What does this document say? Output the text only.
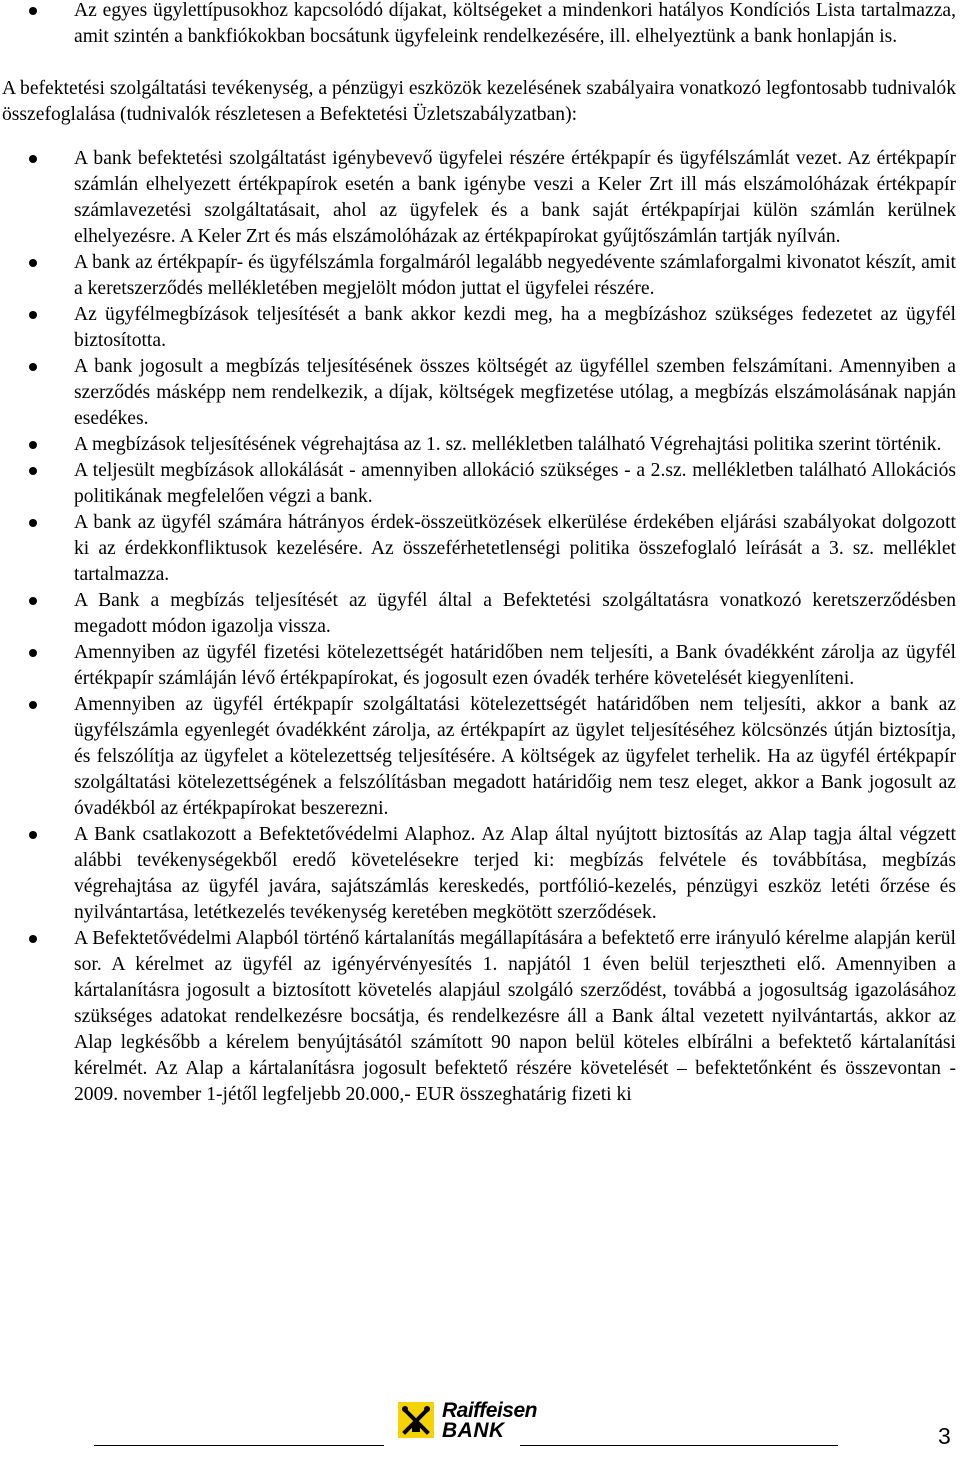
Az egyes ügylettípusokhoz kapcsolódó díjakat, költségeket a mindenkori hatályos Kondíciós Lista tartalmazza, amit szintén a bankfiókokban bocsátunk ügyfeleink rendelkezésére, ill. elhelyeztünk a bank honlapján is.

A befektetési szolgáltatási tevékenység, a pénzügyi eszközök kezelésének szabályaira vonatkozó legfontosabb tudnivalók összefoglalása (tudnivalók részletesen a Befektetési Üzletszabályzatban):

A bank befektetési szolgáltatást igénybevevő ügyfelei részére értékpapír és ügyfélszámlát vezet. Az értékpapír számlán elhelyezett értékpapírok esetén a bank igénybe veszi a Keler Zrt ill más elszámolóházak értékpapír számlavezetési szolgáltatásait, ahol az ügyfelek és a bank saját értékpapírjai külön számlán kerülnek elhelyezésre. A Keler Zrt és más elszámolóházak az értékpapírokat gyűjtőszámlán tartják nyílván.
A bank az értékpapír- és ügyfélszámla forgalmáról legalább negyedévente számlaforgalmi kivonatot készít, amit a keretszerződés mellékletében megjelölt módon juttat el ügyfelei részére.
Az ügyfélmegbízások teljesítését a bank akkor kezdi meg, ha a megbízáshoz szükséges fedezetet az ügyfél biztosította.
A bank jogosult a megbízás teljesítésének összes költségét az ügyféllel szemben felszámítani. Amennyiben a szerződés másképp nem rendelkezik, a díjak, költségek megfizetése utólag, a megbízás elszámolásának napján esedékes.
A megbízások teljesítésének végrehajtása az 1. sz. mellékletben található Végrehajtási politika szerint történik.
A teljesült megbízások allokálását - amennyiben allokáció szükséges - a 2.sz. mellékletben található Allokációs politikának megfelelően végzi a bank.
A bank az ügyfél számára hátrányos érdek-összeütközések elkerülése érdekében eljárási szabályokat dolgozott ki az érdekkonfliktusok kezelésére. Az összeférhetetlenségi politika összefoglaló leírását a 3. sz. melléklet tartalmazza.
A Bank a megbízás teljesítését az ügyfél által a Befektetési szolgáltatásra vonatkozó keretszerződésben megadott módon igazolja vissza.
Amennyiben az ügyfél fizetési kötelezettségét határidőben nem teljesíti, a Bank óvadékként zárolja az ügyfél értékpapír számláján lévő értékpapírokat, és jogosult ezen óvadék terhére követelését kiegyenlíteni.
Amennyiben az ügyfél értékpapír szolgáltatási kötelezettségét határidőben nem teljesíti, akkor a bank az ügyfélszámla egyenlegét óvadékként zárolja, az értékpapírt az ügylet teljesítéséhez kölcsönzés útján biztosítja, és felszólítja az ügyfelet a kötelezettség teljesítésére. A költségek az ügyfelet terhelik. Ha az ügyfél értékpapír szolgáltatási kötelezettségének a felszólításban megadott határidőig nem tesz eleget, akkor a Bank jogosult az óvadékból az értékpapírokat beszerezni.
A Bank csatlakozott a Befektetővédelmi Alaphoz. Az Alap által nyújtott biztosítás az Alap tagja által végzett alábbi tevékenységekből eredő követelésekre terjed ki: megbízás felvétele és továbbítása, megbízás végrehajtása az ügyfél javára, sajátszámlás kereskedés, portfólió-kezelés, pénzügyi eszköz letéti őrzése és nyilvántartása, letétkezelés tevékenység keretében megkötött szerződések.
A Befektetővédelmi Alapból történő kártalanítás megállapítására a befektető erre irányuló kérelme alapján kerül sor. A kérelmet az ügyfél az igényérvényesítés 1. napjától 1 éven belül terjesztheti elő. Amennyiben a kártalanításra jogosult a biztosított követelés alapjául szolgáló szerződést, továbbá a jogosultság igazolásához szükséges adatokat rendelkezésre bocsátja, és rendelkezésre áll a Bank által vezetett nyilvántartás, akkor az Alap legkésőbb a kérelem benyújtásától számított 90 napon belül köteles elbírálni a befektető kártalanítási kérelmét. Az Alap a kártalanításra jogosult befektető részére követelését – befektetőnként és összevontan - 2009. november 1-jétől legfeljebb 20.000,- EUR összeghatárig fizeti ki
Raiffeisen
BANK	3
